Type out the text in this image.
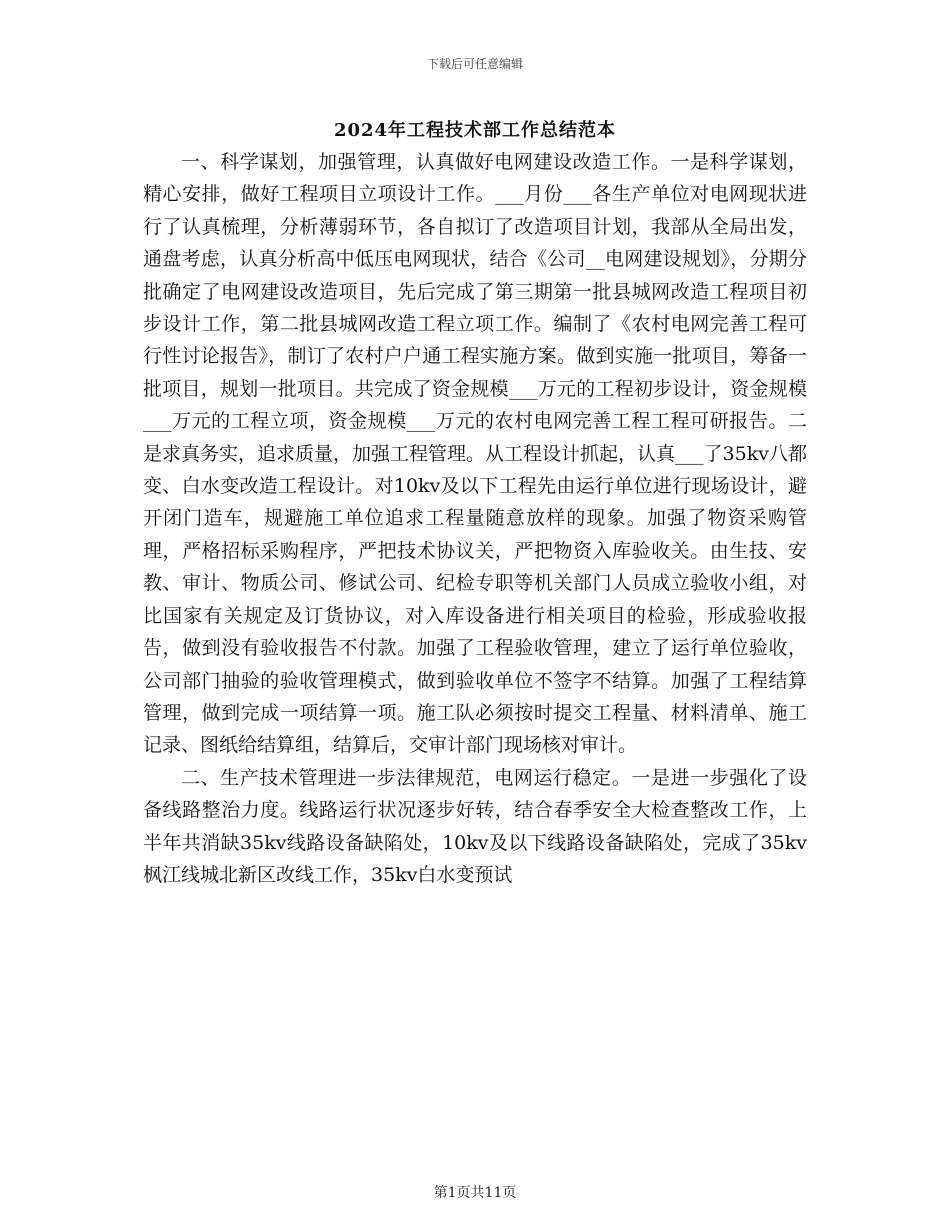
下载后可任意编辑
2024年工程技术部工作总结范本

一、科学谋划，加强管理，认真做好电网建设改造工作。一是科学谋划，精心安排，做好工程项目立项设计工作。___月份___各生产单位对电网现状进行了认真梳理，分析薄弱环节，各自拟订了改造项目计划，我部从全局出发，通盘考虑，认真分析高中低压电网现状，结合《公司__电网建设规划》，分期分批确定了电网建设改造项目，先后完成了第三期第一批县城网改造工程项目初步设计工作，第二批县城网改造工程立项工作。编制了《农村电网完善工程可行性讨论报告》，制订了农村户户通工程实施方案。做到实施一批项目，筹备一批项目，规划一批项目。共完成了资金规模___万元的工程初步设计，资金规模___万元的工程立项，资金规模___万元的农村电网完善工程工程可研报告。二是求真务实，追求质量，加强工程管理。从工程设计抓起，认真___了35kv八都变、白水变改造工程设计。对10kv及以下工程先由运行单位进行现场设计，避开闭门造车，规避施工单位追求工程量随意放样的现象。加强了物资采购管理，严格招标采购程序，严把技术协议关，严把物资入库验收关。由生技、安教、审计、物质公司、修试公司、纪检专职等机关部门人员成立验收小组，对比国家有关规定及订货协议，对入库设备进行相关项目的检验，形成验收报告，做到没有验收报告不付款。加强了工程验收管理，建立了运行单位验收，公司部门抽验的验收管理模式，做到验收单位不签字不结算。加强了工程结算管理，做到完成一项结算一项。施工队必须按时提交工程量、材料清单、施工记录、图纸给结算组，结算后，交审计部门现场核对审计。

二、生产技术管理进一步法律规范，电网运行稳定。一是进一步强化了设备线路整治力度。线路运行状况逐步好转，结合春季安全大检查整改工作，上半年共消缺35kv线路设备缺陷处，10kv及以下线路设备缺陷处，完成了35kv枫江线城北新区改线工作，35kv白水变预试

第1页共11页
